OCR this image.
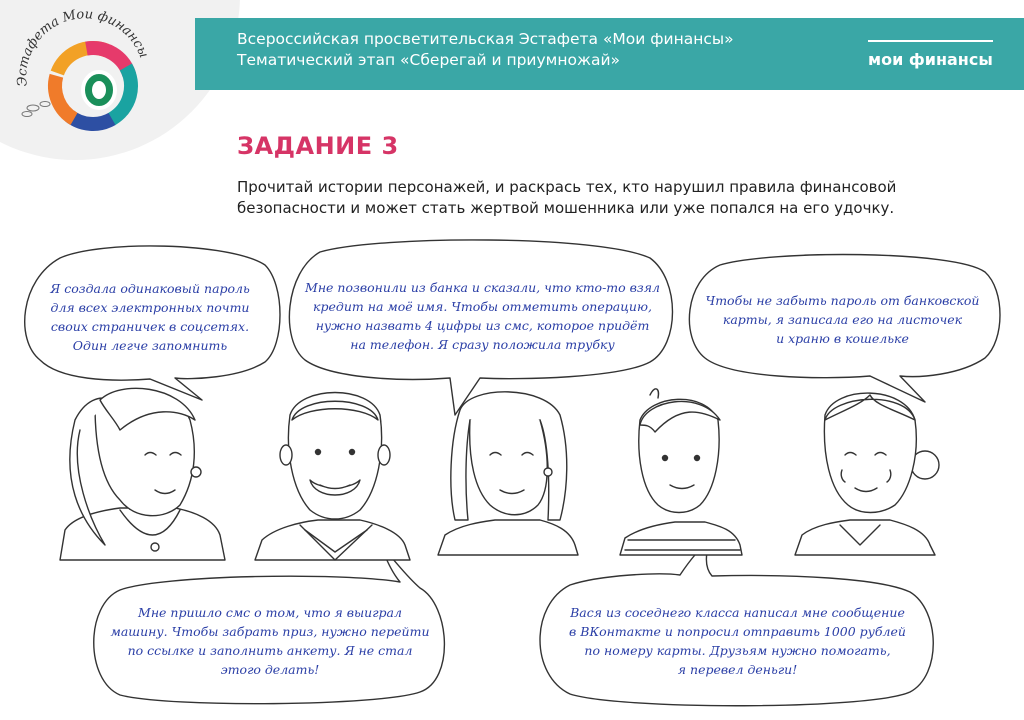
Эстафета Мои финансы
Всероссийская просветительская Эстафета «Мои финансы»
Тематический этап «Сберегай и приумножай»	мои финансы
ЗАДАНИЕ 3

Прочитай истории персонажей, и раскрась тех, кто нарушил правила финансовой безопасности и может стать жертвой мошенника или уже попался на его удочку.

Я создала одинаковый пароль
для всех электронных почти
своих страничек в соцсетях.
Один легче запомнить

Мне позвонили из банка и сказали, что кто-то взял
кредит на моё имя. Чтобы отметить операцию,
нужно назвать 4 цифры из смс, которое придёт
на телефон. Я сразу положила трубку

Чтобы не забыть пароль от банковской
карты, я записала его на листочек
и храню в кошельке

Мне пришло смс о том, что я выиграл
машину. Чтобы забрать приз, нужно перейти
по ссылке и заполнить анкету. Я не стал
этого делать!

Вася из соседнего класса написал мне сообщение
в ВКонтакте и попросил отправить 1000 рублей
по номеру карты. Друзьям нужно помогать,
я перевел деньги!
